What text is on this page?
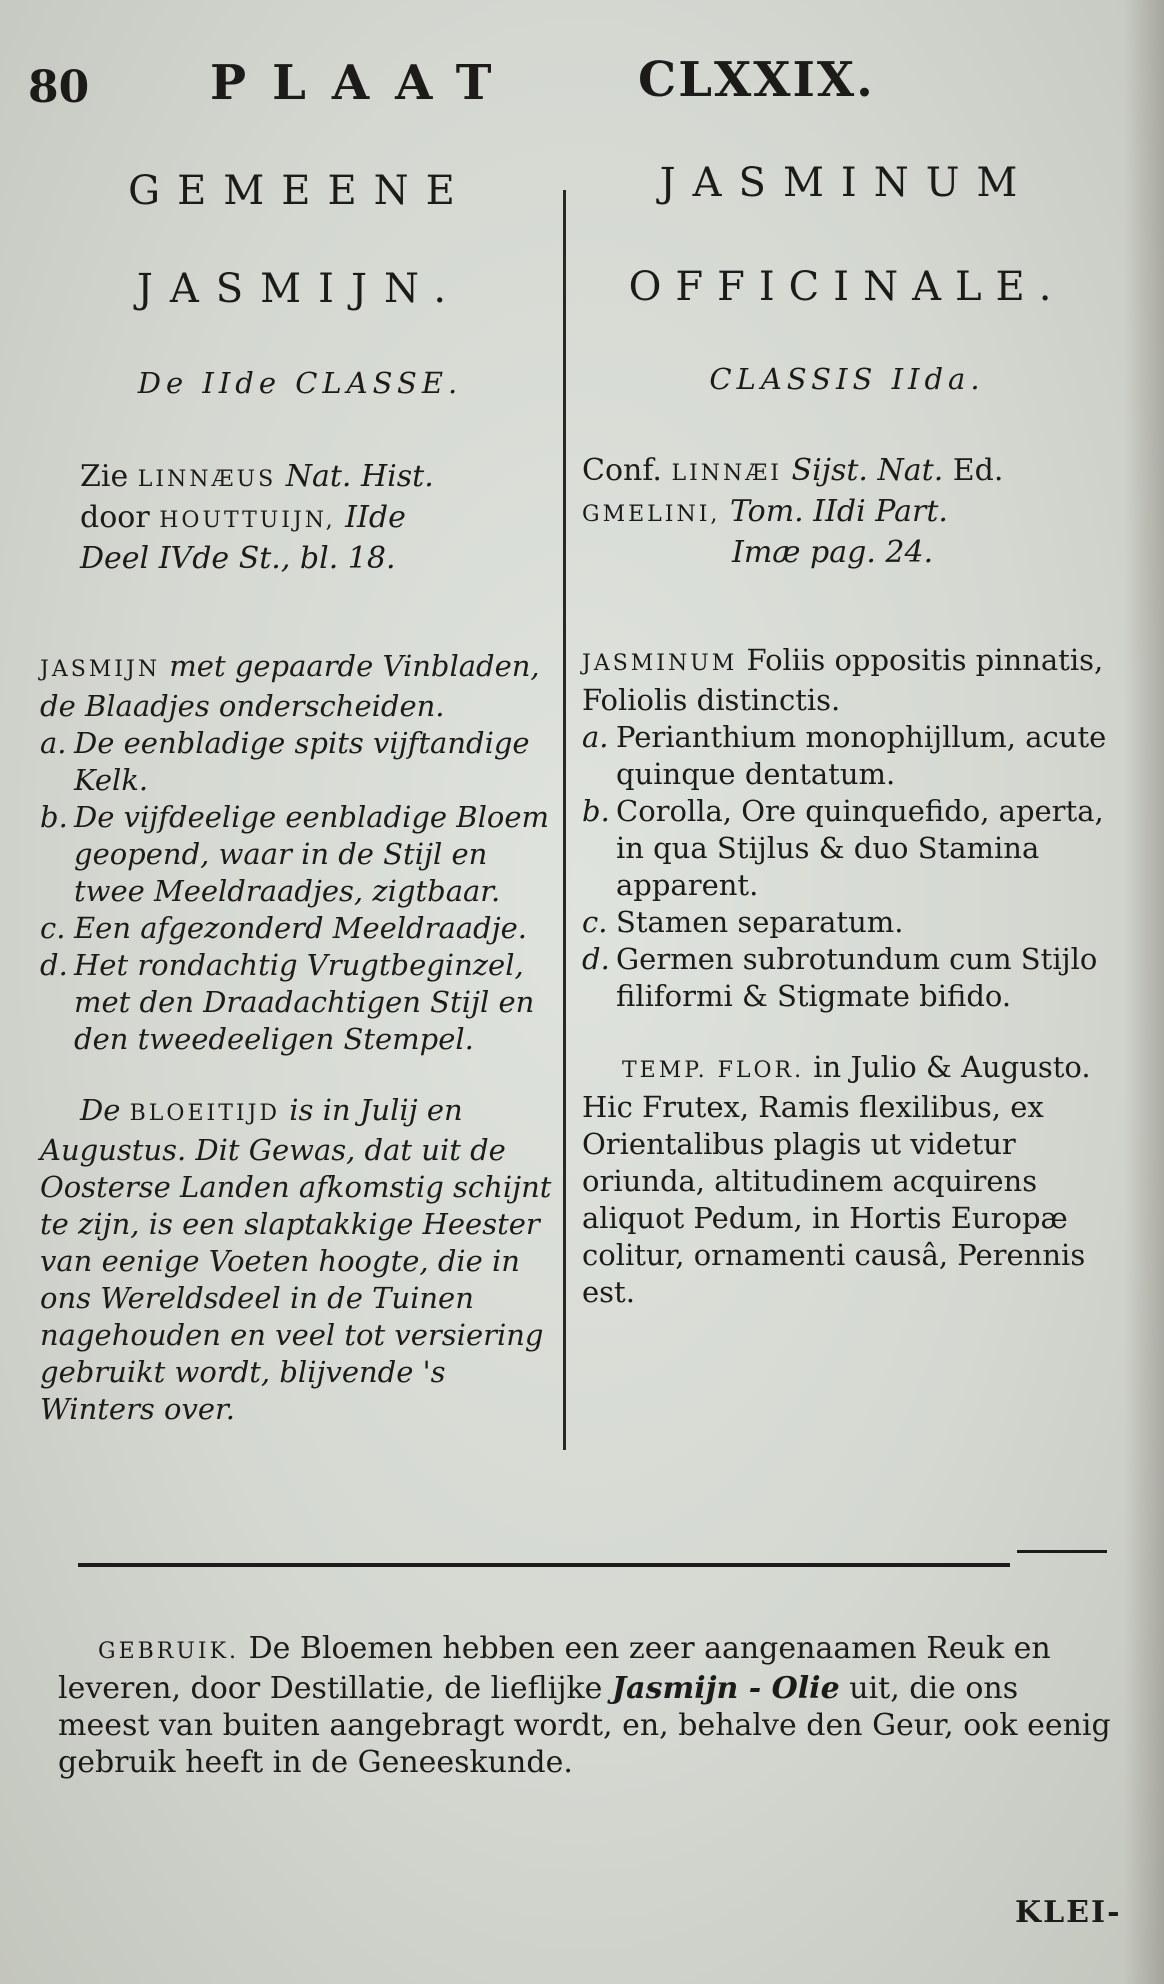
80	PLAAT	CLXXIX.
GEMEENE
JASMIJN.
De IIde CLASSE.
Zie LINNÆUS Nat. Hist.
door HOUTTUIJN, IIde
Deel IVde St., bl. 18.
JASMIJN met gepaarde Vinbladen, de Blaadjes onderscheiden.
a. De eenbladige spits vijftandige Kelk.
b. De vijfdeelige eenbladige Bloem geopend, waar in de Stijl en twee Meeldraadjes, zigtbaar.
c. Een afgezonderd Meeldraadje.
d. Het rondachtig Vrugtbeginzel, met den Draadachtigen Stijl en den tweedeeligen Stempel.
De BLOEITIJD is in Julij en Augustus. Dit Gewas, dat uit de Oosterse Landen afkomstig schijnt te zijn, is een slaptakkige Heester van eenige Voeten hoogte, die in ons Wereldsdeel in de Tuinen nagehouden en veel tot versiering gebruikt wordt, blijvende 's Winters over.
JASMINUM
OFFICINALE.
CLASSIS IIda.
Conf. LINNÆI Sijst. Nat. Ed.
GMELINI, Tom. IIdi Part.
Imæ pag. 24.
JASMINUM Foliis oppositis pinnatis, Foliolis distinctis.
a. Perianthium monophijllum, acute quinque dentatum.
b. Corolla, Ore quinquefido, aperta, in qua Stijlus & duo Stamina apparent.
c. Stamen separatum.
d. Germen subrotundum cum Stijlo filiformi & Stigmate bifido.
TEMP. FLOR. in Julio & Augusto. Hic Frutex, Ramis flexilibus, ex Orientalibus plagis ut videtur oriunda, altitudinem acquirens aliquot Pedum, in Hortis Europæ colitur, ornamenti causâ, Perennis est.
GEBRUIK. De Bloemen hebben een zeer aangenaamen Reuk en leveren, door Destillatie, de lieflijke Jasmijn - Olie uit, die ons meest van buiten aangebragt wordt, en, behalve den Geur, ook eenig gebruik heeft in de Geneeskunde.
KLEI-
